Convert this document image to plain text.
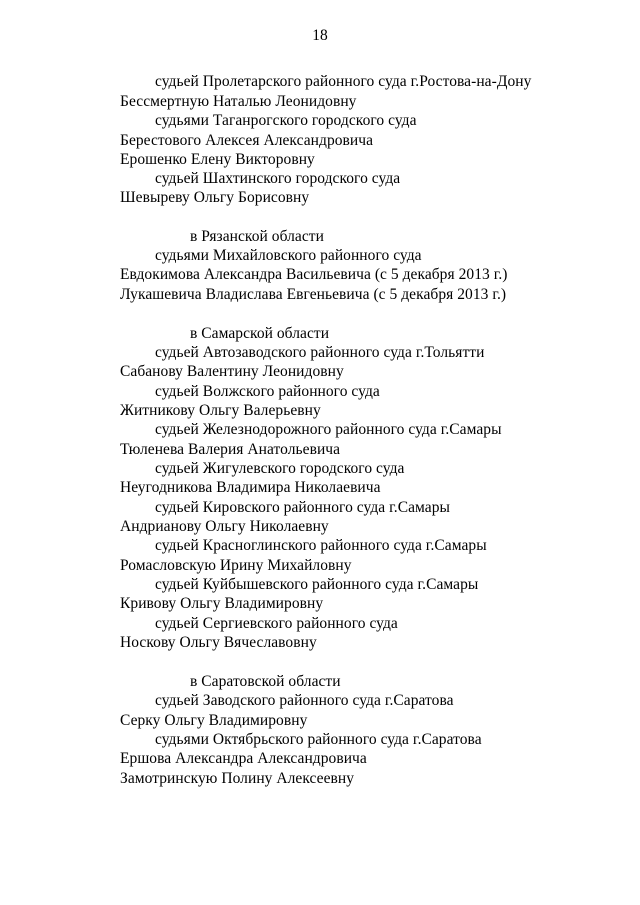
18
судьей Пролетарского районного суда г.Ростова-на-Дону
Бессмертную Наталью Леонидовну
судьями Таганрогского городского суда
Берестового Алексея Александровича
Ерошенко Елену Викторовну
судьей Шахтинского городского суда
Шевыреву Ольгу Борисовну
в Рязанской области
судьями Михайловского районного суда
Евдокимова Александра Васильевича (с 5 декабря 2013 г.)
Лукашевича Владислава Евгеньевича (с 5 декабря 2013 г.)
в Самарской области
судьей Автозаводского районного суда г.Тольятти
Сабанову Валентину Леонидовну
судьей Волжского районного суда
Житникову Ольгу Валерьевну
судьей Железнодорожного районного суда г.Самары
Тюленева Валерия Анатольевича
судьей Жигулевского городского суда
Неугодникова Владимира Николаевича
судьей Кировского районного суда г.Самары
Андрианову Ольгу Николаевну
судьей Красноглинского районного суда г.Самары
Ромасловскую Ирину Михайловну
судьей Куйбышевского районного суда г.Самары
Кривову Ольгу Владимировну
судьей Сергиевского районного суда
Носкову Ольгу Вячеславовну
в Саратовской области
судьей Заводского районного суда г.Саратова
Серку Ольгу Владимировну
судьями Октябрьского районного суда г.Саратова
Ершова Александра Александровича
Замотринскую Полину Алексеевну
